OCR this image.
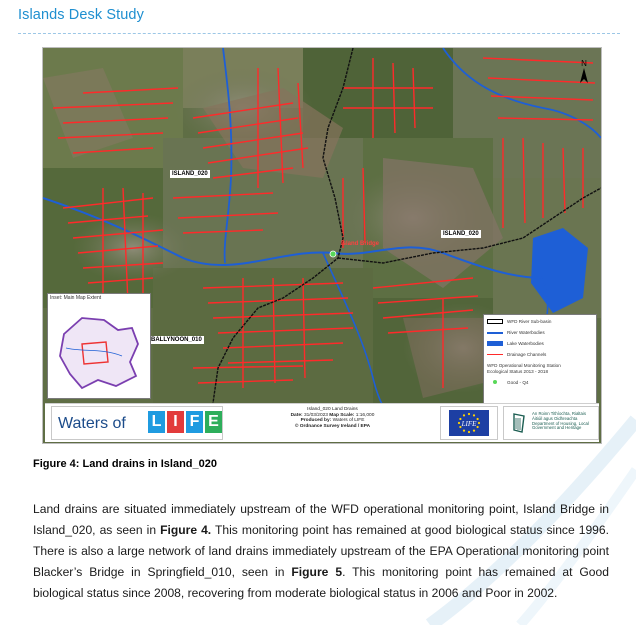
Islands Desk Study
ISLAND_020
ISLAND_020
BALLYNOON_010
Island Bridge
N
Inset: Main Map Extent
WFD River Sub-basin
River Waterbodies
Lake Waterbodies
Drainage Channels
WFD Operational Monitoring Station
Ecological Status 2013 - 2018
Good - Q4
Waters of L I F E
Island_020 Land Drains
Date: 31/03/2023 Map Scale: 1:16,000
Produced by: Waters of LIFE
© Ordnance Survey Ireland / EPA	LIFE
An Roinn Tithíochta, Rialtais Áitiúil agus Oidhreachta Department of Housing, Local Government and Heritage
Figure 4: Land drains in Island_020
Land drains are situated immediately upstream of the WFD operational monitoring point, Island Bridge in Island_020, as seen in Figure 4. This monitoring point has remained at good biological status since 1996. There is also a large network of land drains immediately upstream of the EPA Operational monitoring point Blacker’s Bridge in Springfield_010, seen in Figure 5. This monitoring point has remained at Good biological status since 2008, recovering from moderate biological status in 2006 and Poor in 2002.
